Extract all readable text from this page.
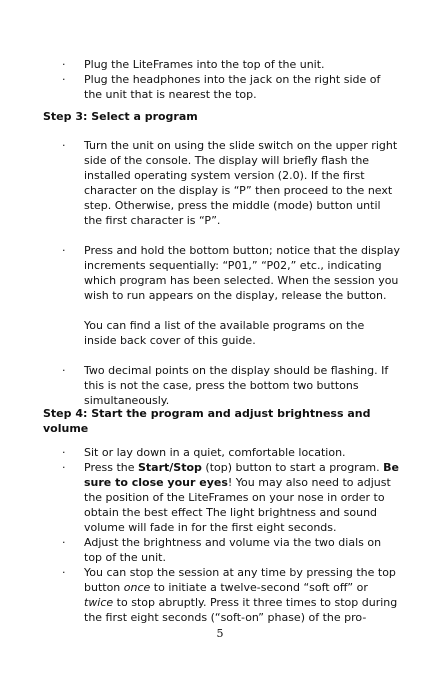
·	Plug the LiteFrames into the top of the unit.
·	Plug the headphones into the jack on the right side of the unit that is nearest the top.
Step 3: Select a program
·	Turn the unit on using the slide switch on the upper right side of the console. The display will briefly flash the installed operating system version (2.0). If the first character on the display is “P” then proceed to the next step. Otherwise, press the middle (mode) button until the first character is “P”.
·	Press and hold the bottom button; notice that the display increments sequentially: “P01,” “P02,” etc., indicating which program has been selected. When the session you wish to run appears on the display, release the button.
You can find a list of the available programs on the inside back cover of this guide.
·	Two decimal points on the display should be flashing. If this is not the case, press the bottom two buttons simultaneously.
Step 4: Start the program and adjust brightness and volume
·	Sit or lay down in a quiet, comfortable location.
·	Press the Start/Stop (top) button to start a program. Be sure to close your eyes! You may also need to adjust the position of the LiteFrames on your nose in order to obtain the best effect The light brightness and sound volume will fade in for the first eight seconds.
·	Adjust the brightness and volume via the two dials on top of the unit.
·	You can stop the session at any time by pressing the top button once to initiate a twelve-second “soft off” or twice to stop abruptly. Press it three times to stop during the first eight seconds (“soft-on” phase) of the pro-
5
